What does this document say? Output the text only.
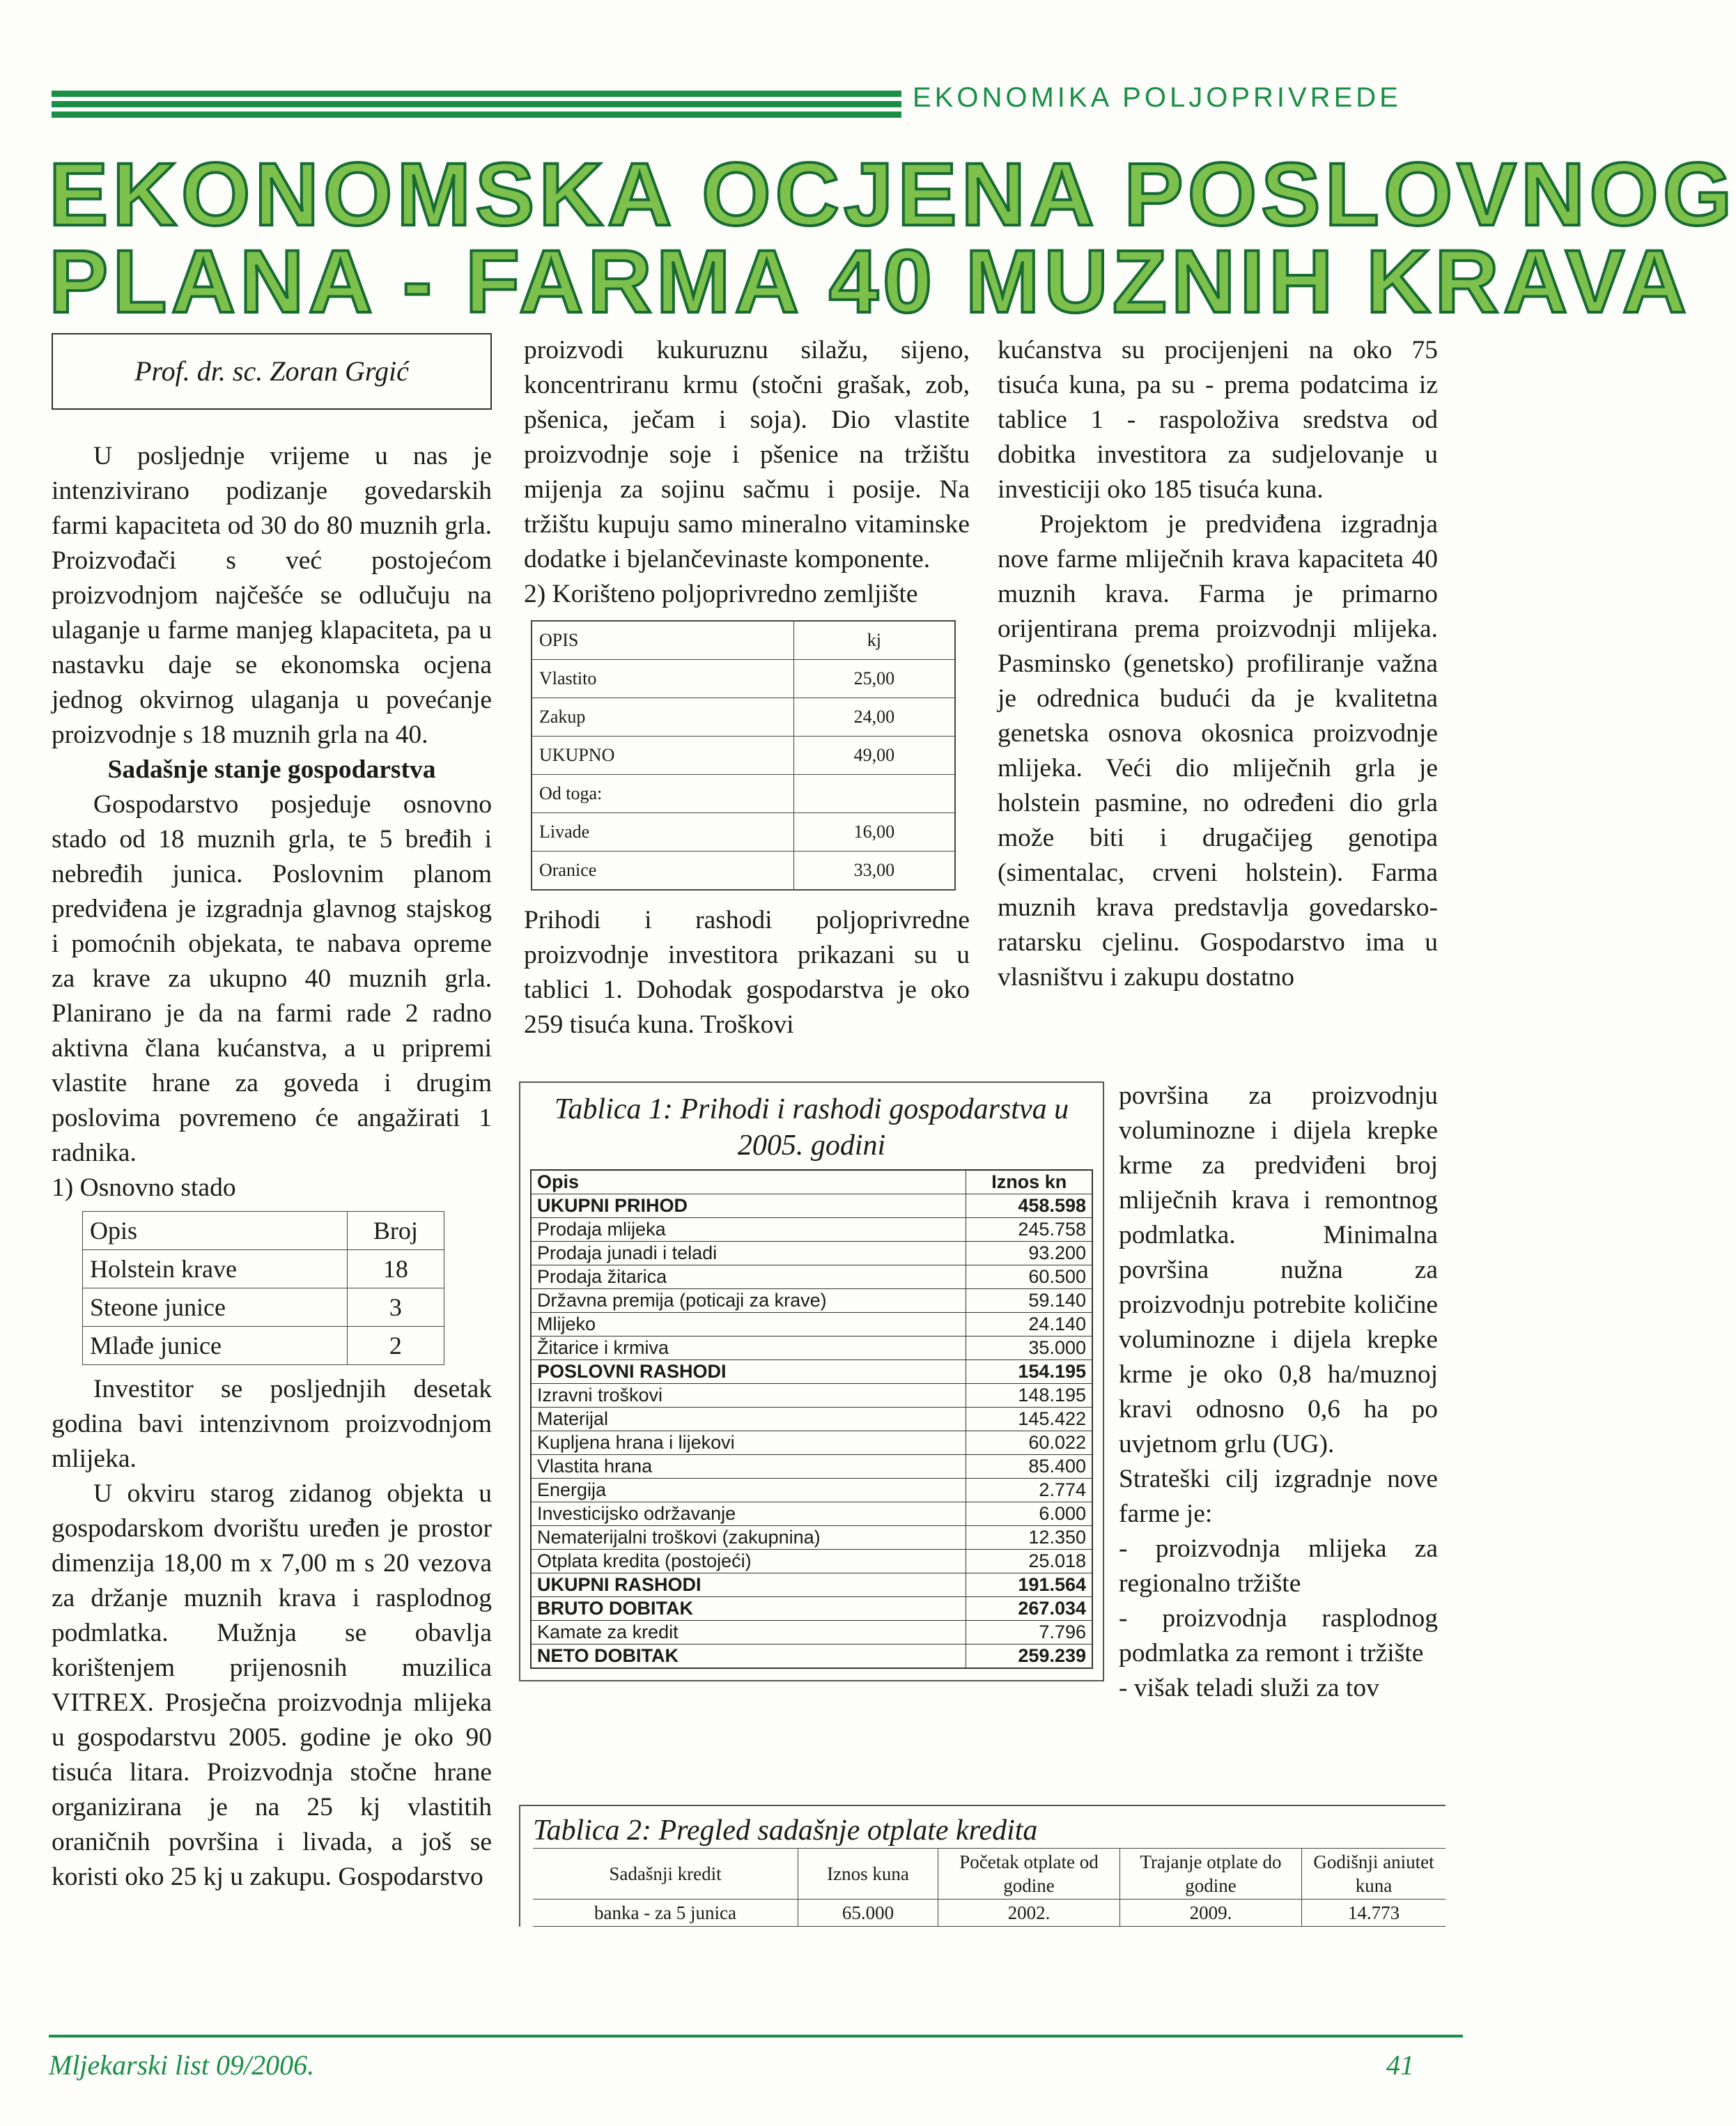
EKONOMIKA POLJOPRIVREDE
EKONOMSKA OCJENA POSLOVNOG
PLANA - FARMA 40 MUZNIH KRAVA
Prof. dr. sc. Zoran Grgić

U posljednje vrijeme u nas je intenzivirano podizanje govedarskih farmi kapaciteta od 30 do 80 muznih grla. Proizvođači s već postojećom proizvodnjom najčešće se odlučuju na ulaganje u farme manjeg klapaciteta, pa u nastavku daje se ekonomska ocjena jednog okvirnog ulaganja u povećanje proizvodnje s 18 muznih grla na 40.

Sadašnje stanje gospodarstva

Gospodarstvo posjeduje osnovno stado od 18 muznih grla, te 5 bređih i nebređih junica. Poslovnim planom predviđena je izgradnja glavnog stajskog i pomoćnih objekata, te nabava opreme za krave za ukupno 40 muznih grla. Planirano je da na farmi rade 2 radno aktivna člana kućanstva, a u pripremi vlastite hrane za goveda i drugim poslovima povremeno će angažirati 1 radnika.

1) Osnovno stado

Opis	Broj
Holstein krave	18
Steone junice	3
Mlađe junice	2

Investitor se posljednjih desetak godina bavi intenzivnom proizvodnjom mlijeka.

U okviru starog zidanog objekta u gospodarskom dvorištu uređen je prostor dimenzija 18,00 m x 7,00 m s 20 vezova za držanje muznih krava i rasplodnog podmlatka. Mužnja se obavlja korištenjem prijenosnih muzilica VITREX. Prosječna proizvodnja mlijeka u gospodarstvu 2005. godine je oko 90 tisuća litara. Proizvodnja stočne hrane organizirana je na 25 kj vlastitih oraničnih površina i livada, a još se koristi oko 25 kj u zakupu. Gospodarstvo

proizvodi kukuruznu silažu, sijeno, koncentriranu krmu (stočni grašak, zob, pšenica, ječam i soja). Dio vlastite proizvodnje soje i pšenice na tržištu mijenja za sojinu sačmu i posije. Na tržištu kupuju samo mineralno vitaminske dodatke i bjelančevinaste komponente.

2) Korišteno poljoprivredno zemljište

OPIS	kj
Vlastito	25,00
Zakup	24,00
UKUPNO	49,00
Od toga:	
Livade	16,00
Oranice	33,00

Prihodi i rashodi poljoprivredne proizvodnje investitora prikazani su u tablici 1. Dohodak gospodarstva je oko 259 tisuća kuna. Troškovi

kućanstva su procijenjeni na oko 75 tisuća kuna, pa su - prema podatcima iz tablice 1 - raspoloživa sredstva od dobitka investitora za sudjelovanje u investiciji oko 185 tisuća kuna.

Projektom je predviđena izgradnja nove farme mliječnih krava kapaciteta 40 muznih krava. Farma je primarno orijentirana prema proizvodnji mlijeka. Pasminsko (genetsko) profiliranje važna je odrednica budući da je kvalitetna genetska osnova okosnica proizvodnje mlijeka. Veći dio mliječnih grla je holstein pasmine, no određeni dio grla može biti i drugačijeg genotipa (simentalac, crveni holstein). Farma muznih krava predstavlja govedarsko-ratarsku cjelinu. Gospodarstvo ima u vlasništvu i zakupu dostatno

površina za proizvodnju voluminozne i dijela krepke krme za predviđeni broj mliječnih krava i remontnog podmlatka. Minimalna površina nužna za proizvodnju potrebite količine voluminozne i dijela krepke krme je oko 0,8 ha/muznoj kravi odnosno 0,6 ha po uvjetnom grlu (UG).

Strateški cilj izgradnje nove farme je:

- proizvodnja mlijeka za regionalno tržište
- proizvodnja rasplodnog podmlatka za remont i tržište
- višak teladi služi za tov
Tablica 1: Prihodi i rashodi gospodarstva u 2005. godini
Opis	Iznos kn
UKUPNI PRIHOD	458.598
Prodaja mlijeka	245.758
Prodaja junadi i teladi	93.200
Prodaja žitarica	60.500
Državna premija (poticaji za krave)	59.140
Mlijeko	24.140
Žitarice i krmiva	35.000
POSLOVNI RASHODI	154.195
Izravni troškovi	148.195
Materijal	145.422
Kupljena hrana i lijekovi	60.022
Vlastita hrana	85.400
Energija	2.774
Investicijsko održavanje	6.000
Nematerijalni troškovi (zakupnina)	12.350
Otplata kredita (postojeći)	25.018
UKUPNI RASHODI	191.564
BRUTO DOBITAK	267.034
Kamate za kredit	7.796
NETO DOBITAK	259.239
Tablica 2: Pregled sadašnje otplate kredita
Sadašnji kredit	Iznos kuna	Početak otplate od godine	Trajanje otplate do godine	Godišnji aniutet kuna
banka - za 5 junica	65.000	2002.	2009.	14.773
Mljekarski list 09/2006.	41
